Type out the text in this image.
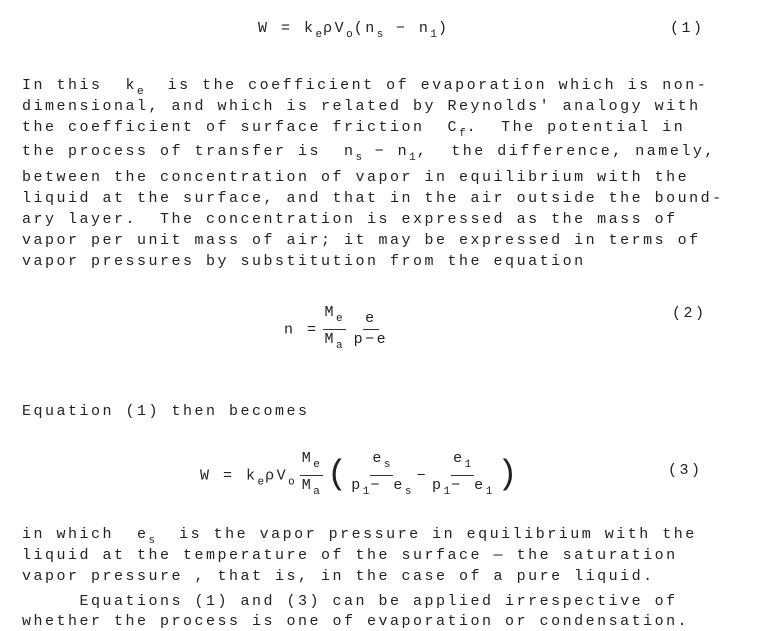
$W = k_e\rho V_o(n_s - n_1)$	(1)
In this  $k_e$  is the coefficient of evaporation which is non-
dimensional, and which is related by Reynolds' analogy with
the coefficient of surface friction  $C_f$.  The potential in
the process of transfer is  $n_s - n_1$,  the difference, namely,
between the concentration of vapor in equilibrium with the
liquid at the surface, and that in the air outside the bound-
ary layer.  The concentration is expressed as the mass of
vapor per unit mass of air; it may be expressed in terms of
vapor pressures by substitution from the equation
$n = \frac{M_e}{M_a} \frac{e}{p-e}$	(2)
Equation (1) then becomes
$W = k_e\rho V_o \frac{M_e}{M_a}$ ( $\frac{e_s}{p_1- e_s} - \frac{e_1}{p_1- e_1}$ )	(3)
in which  $e_s$  is the vapor pressure in equilibrium with the
liquid at the temperature of the surface — the saturation
vapor pressure , that is, in the case of a pure liquid.
Equations (1) and (3) can be applied irrespective of
whether the process is one of evaporation or condensation.
